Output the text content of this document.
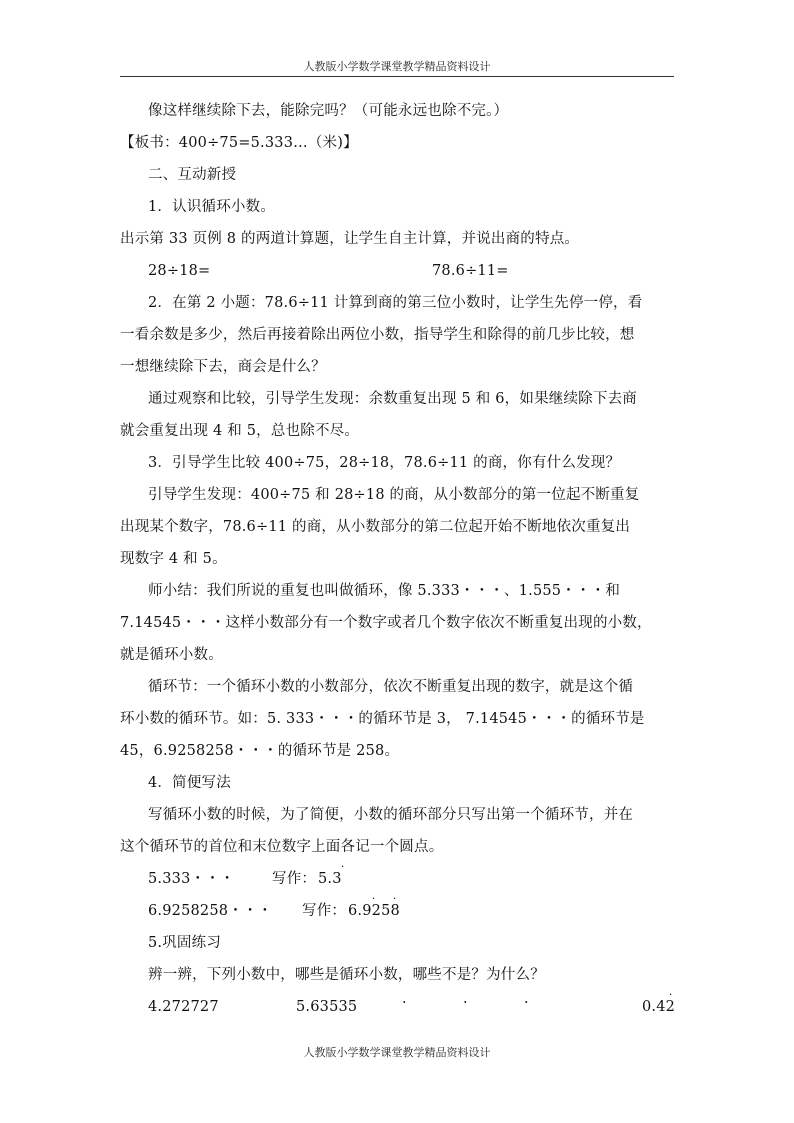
人教版小学数学课堂教学精品资料设计
像这样继续除下去，能除完吗？（可能永远也除不完。）
【板书：400÷75=5.333…（米)】
二、互动新授
1．认识循环小数。
出示第 33 页例 8 的两道计算题，让学生自主计算，并说出商的特点。
28÷18=	78.6÷11=
2．在第 2 小题：78.6÷11 计算到商的第三位小数时，让学生先停一停，看
一看余数是多少，然后再接着除出两位小数，指导学生和除得的前几步比较，想
一想继续除下去，商会是什么？
通过观察和比较，引导学生发现：余数重复出现 5 和 6，如果继续除下去商
就会重复出现 4 和 5，总也除不尽。
3．引导学生比较 400÷75，28÷18，78.6÷11 的商，你有什么发现？
引导学生发现：400÷75 和 28÷18 的商，从小数部分的第一位起不断重复
出现某个数字，78.6÷11 的商，从小数部分的第二位起开始不断地依次重复出
现数字 4 和 5。
师小结：我们所说的重复也叫做循环，像 5.333・・・、1.555・・・和
7.14545・・・这样小数部分有一个数字或者几个数字依次不断重复出现的小数，
就是循环小数。
循环节：一个循环小数的小数部分，依次不断重复出现的数字，就是这个循
环小数的循环节。如：5. 333・・・的循环节是 3， 7.14545・・・的循环节是
45，6.9258258・・・的循环节是 258。
4．简便写法
写循环小数的时候，为了简便，小数的循环部分只写出第一个循环节，并在
这个循环节的首位和末位数字上面各记一个圆点。
5.333・・・	写作： 5.3
·
6.9258258・・・	写作： 6.9258
· ·
5.巩固练习
辨一辨，下列小数中，哪些是循环小数，哪些不是？为什么？
4.272727	5.63535	·	·	·	0.42
·
人教版小学数学课堂教学精品资料设计
